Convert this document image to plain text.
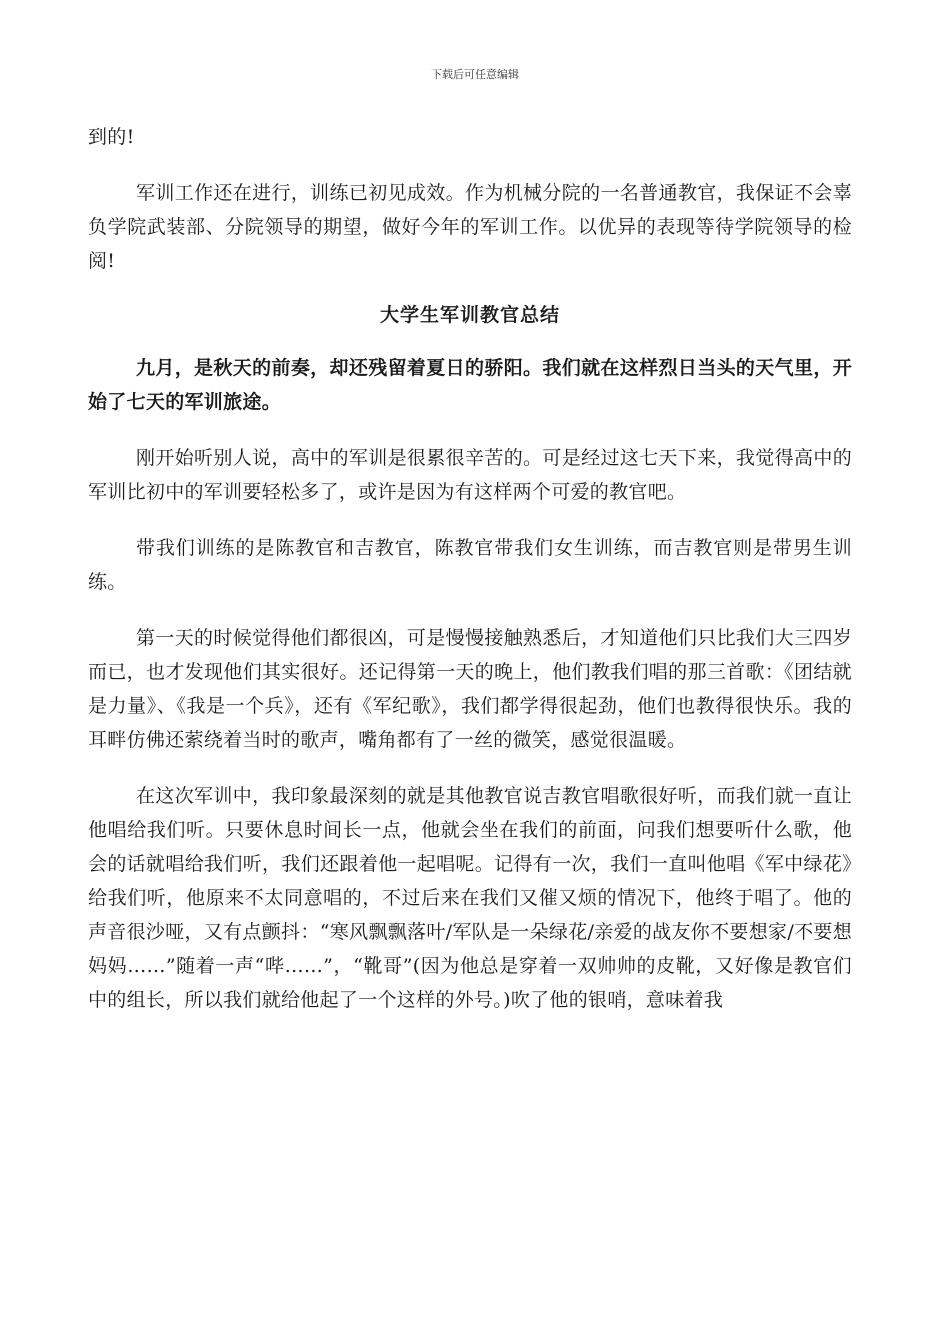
下载后可任意编辑

到的!

军训工作还在进行，训练已初见成效。作为机械分院的一名普通教官，我保证不会辜负学院武装部、分院领导的期望，做好今年的军训工作。以优异的表现等待学院领导的检阅!

大学生军训教官总结

九月，是秋天的前奏，却还残留着夏日的骄阳。我们就在这样烈日当头的天气里，开始了七天的军训旅途。

刚开始听别人说，高中的军训是很累很辛苦的。可是经过这七天下来，我觉得高中的军训比初中的军训要轻松多了，或许是因为有这样两个可爱的教官吧。

带我们训练的是陈教官和吉教官，陈教官带我们女生训练，而吉教官则是带男生训练。

第一天的时候觉得他们都很凶，可是慢慢接触熟悉后，才知道他们只比我们大三四岁而已，也才发现他们其实很好。还记得第一天的晚上，他们教我们唱的那三首歌：《团结就是力量》、《我是一个兵》，还有《军纪歌》，我们都学得很起劲，他们也教得很快乐。我的耳畔仿佛还萦绕着当时的歌声，嘴角都有了一丝的微笑，感觉很温暖。

在这次军训中，我印象最深刻的就是其他教官说吉教官唱歌很好听，而我们就一直让他唱给我们听。只要休息时间长一点，他就会坐在我们的前面，问我们想要听什么歌，他会的话就唱给我们听，我们还跟着他一起唱呢。记得有一次，我们一直叫他唱《军中绿花》给我们听，他原来不太同意唱的，不过后来在我们又催又烦的情况下，他终于唱了。他的声音很沙哑，又有点颤抖：“寒风飘飘落叶/军队是一朵绿花/亲爱的战友你不要想家/不要想妈妈……”随着一声“哔……”，“靴哥”(因为他总是穿着一双帅帅的皮靴，又好像是教官们中的组长，所以我们就给他起了一个这样的外号。)吹了他的银哨，意味着我
